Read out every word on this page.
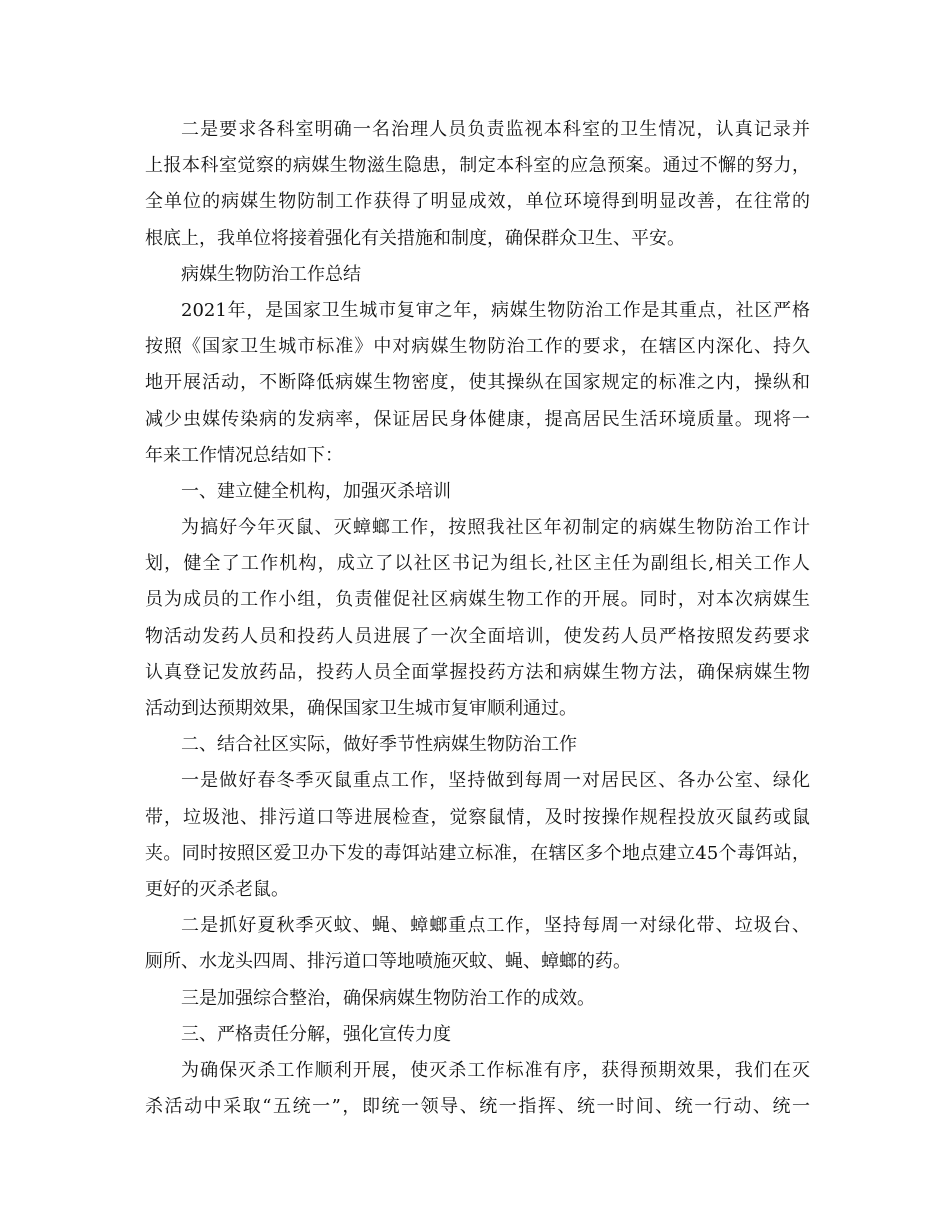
二是要求各科室明确一名治理人员负责监视本科室的卫生情况，认真记录并
上报本科室觉察的病媒生物滋生隐患，制定本科室的应急预案。通过不懈的努力，
全单位的病媒生物防制工作获得了明显成效，单位环境得到明显改善，在往常的
根底上，我单位将接着强化有关措施和制度，确保群众卫生、平安。
病媒生物防治工作总结
2021年，是国家卫生城市复审之年，病媒生物防治工作是其重点，社区严格
按照《国家卫生城市标准》中对病媒生物防治工作的要求，在辖区内深化、持久
地开展活动，不断降低病媒生物密度，使其操纵在国家规定的标准之内，操纵和
减少虫媒传染病的发病率，保证居民身体健康，提高居民生活环境质量。现将一
年来工作情况总结如下：
一、建立健全机构，加强灭杀培训
为搞好今年灭鼠、灭蟑螂工作，按照我社区年初制定的病媒生物防治工作计
划，健全了工作机构，成立了以社区书记为组长,社区主任为副组长,相关工作人
员为成员的工作小组，负责催促社区病媒生物工作的开展。同时，对本次病媒生
物活动发药人员和投药人员进展了一次全面培训，使发药人员严格按照发药要求
认真登记发放药品，投药人员全面掌握投药方法和病媒生物方法，确保病媒生物
活动到达预期效果，确保国家卫生城市复审顺利通过。
二、结合社区实际，做好季节性病媒生物防治工作
一是做好春冬季灭鼠重点工作，坚持做到每周一对居民区、各办公室、绿化
带，垃圾池、排污道口等进展检查，觉察鼠情，及时按操作规程投放灭鼠药或鼠
夹。同时按照区爱卫办下发的毒饵站建立标准，在辖区多个地点建立45个毒饵站，
更好的灭杀老鼠。
二是抓好夏秋季灭蚊、蝇、蟑螂重点工作，坚持每周一对绿化带、垃圾台、
厕所、水龙头四周、排污道口等地喷施灭蚊、蝇、蟑螂的药。
三是加强综合整治，确保病媒生物防治工作的成效。
三、严格责任分解，强化宣传力度
为确保灭杀工作顺利开展，使灭杀工作标准有序，获得预期效果，我们在灭
杀活动中采取“五统一”，即统一领导、统一指挥、统一时间、统一行动、统一
